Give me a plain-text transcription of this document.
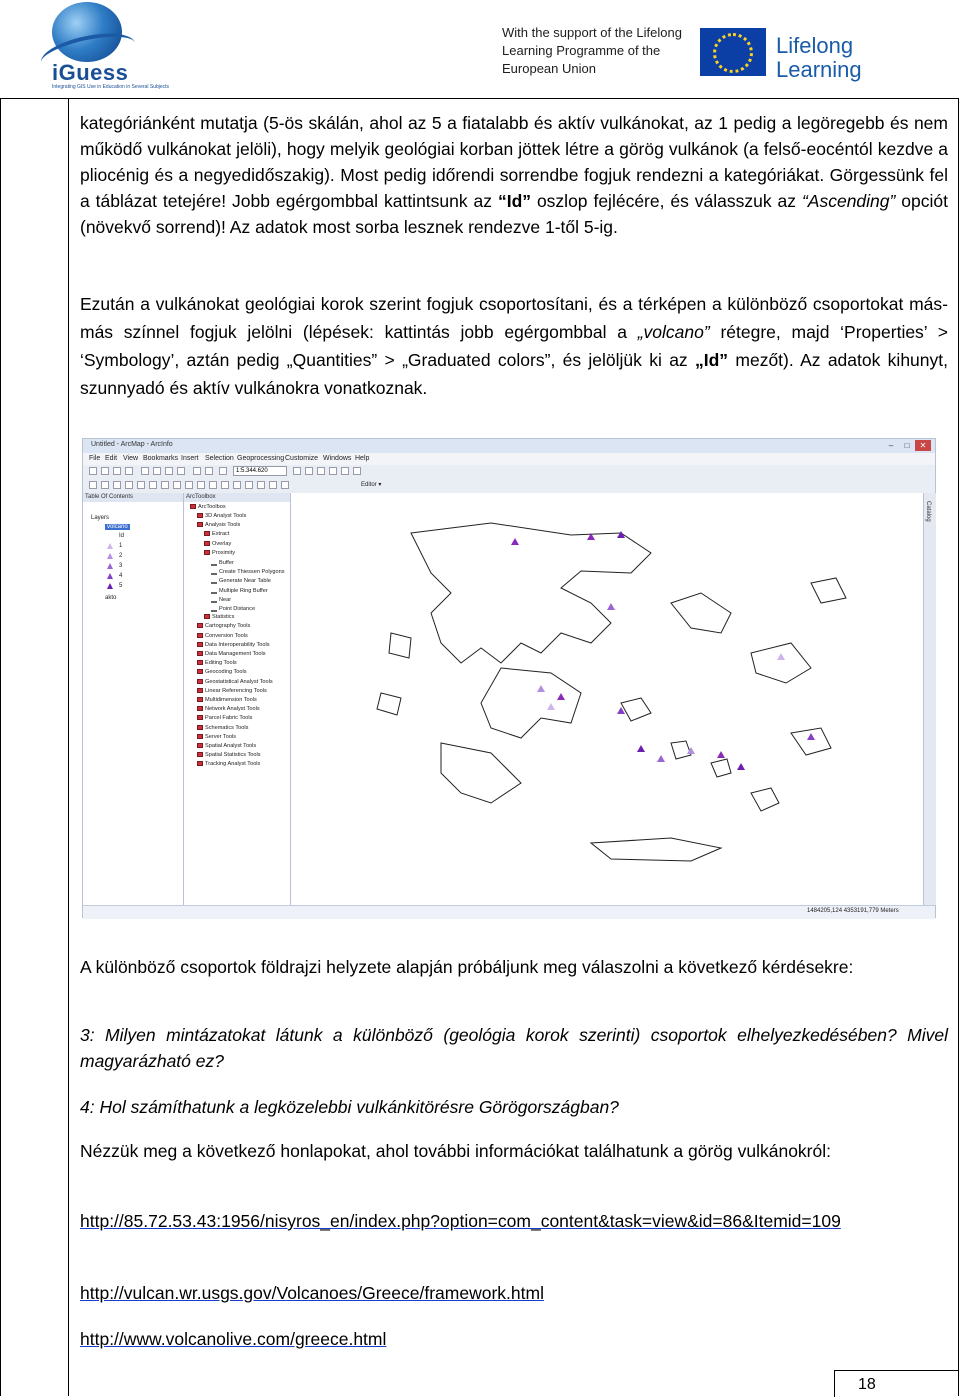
iGuess
Integrating GIS Use in Education in Several Subjects
With the support of the Lifelong Learning Programme of the European Union
Lifelong Learning
kategóriánként mutatja (5-ös skálán, ahol az 5 a fiatalabb és aktív vulkánokat, az 1 pedig a legöregebb és nem működő vulkánokat jelöli), hogy melyik geológiai korban jöttek létre a görög vulkánok (a felső-eocéntól kezdve a pliocénig és a negyedidőszakig). Most pedig időrendi sorrendbe fogjuk rendezni a kategóriákat. Görgessünk fel a táblázat tetejére! Jobb egérgombbal kattintsunk az “Id” oszlop fejlécére, és válasszuk az “Ascending” opciót (növekvő sorrend)! Az adatok most sorba lesznek rendezve 1-től 5-ig.
Ezután a vulkánokat geológiai korok szerint fogjuk csoportosítani, és a térképen a különböző csoportokat más-más színnel fogjuk jelölni (lépések: kattintás jobb egérgombbal a „volcano” rétegre, majd ‘Properties’ > ‘Symbology’, aztán pedig „Quantities” > „Graduated colors”, és jelöljük ki az „Id” mezőt). Az adatok kihunyt, szunnyadó és aktív vulkánokra vonatkoznak.
Untitled - ArcMap - ArcInfo	–	□	✕
File Edit View Bookmarks Insert Selection Geoprocessing Customize Windows Help
1:5.344.620
Editor ▾
Table Of Contents
Layers
volcano
Id
1
2
3
4
5
akto
ArcToolbox
ArcToolbox
3D Analyst Tools
Analysis Tools
Extract
Overlay
Proximity
Buffer
Create Thiessen Polygons
Generate Near Table
Multiple Ring Buffer
Near
Point Distance
Statistics
Cartography Tools
Conversion Tools
Data Interoperability Tools
Data Management Tools
Editing Tools
Geocoding Tools
Geostatistical Analyst Tools
Linear Referencing Tools
Multidimension Tools
Network Analyst Tools
Parcel Fabric Tools
Schematics Tools
Server Tools
Spatial Analyst Tools
Spatial Statistics Tools
Tracking Analyst Tools
Catalog
1484205,124 4353191,779 Meters
A különböző csoportok földrajzi helyzete alapján próbáljunk meg válaszolni a következő kérdésekre:
3: Milyen mintázatokat látunk a különböző (geológia korok szerinti) csoportok elhelyezkedésében? Mivel magyarázható ez?
4: Hol számíthatunk a legközelebbi vulkánkitörésre Görögországban?
Nézzük meg a következő honlapokat, ahol további információkat találhatunk a görög vulkánokról:
http://85.72.53.43:1956/nisyros_en/index.php?option=com_content&task=view&id=86&Itemid=109
http://vulcan.wr.usgs.gov/Volcanoes/Greece/framework.html
http://www.volcanolive.com/greece.html
18
